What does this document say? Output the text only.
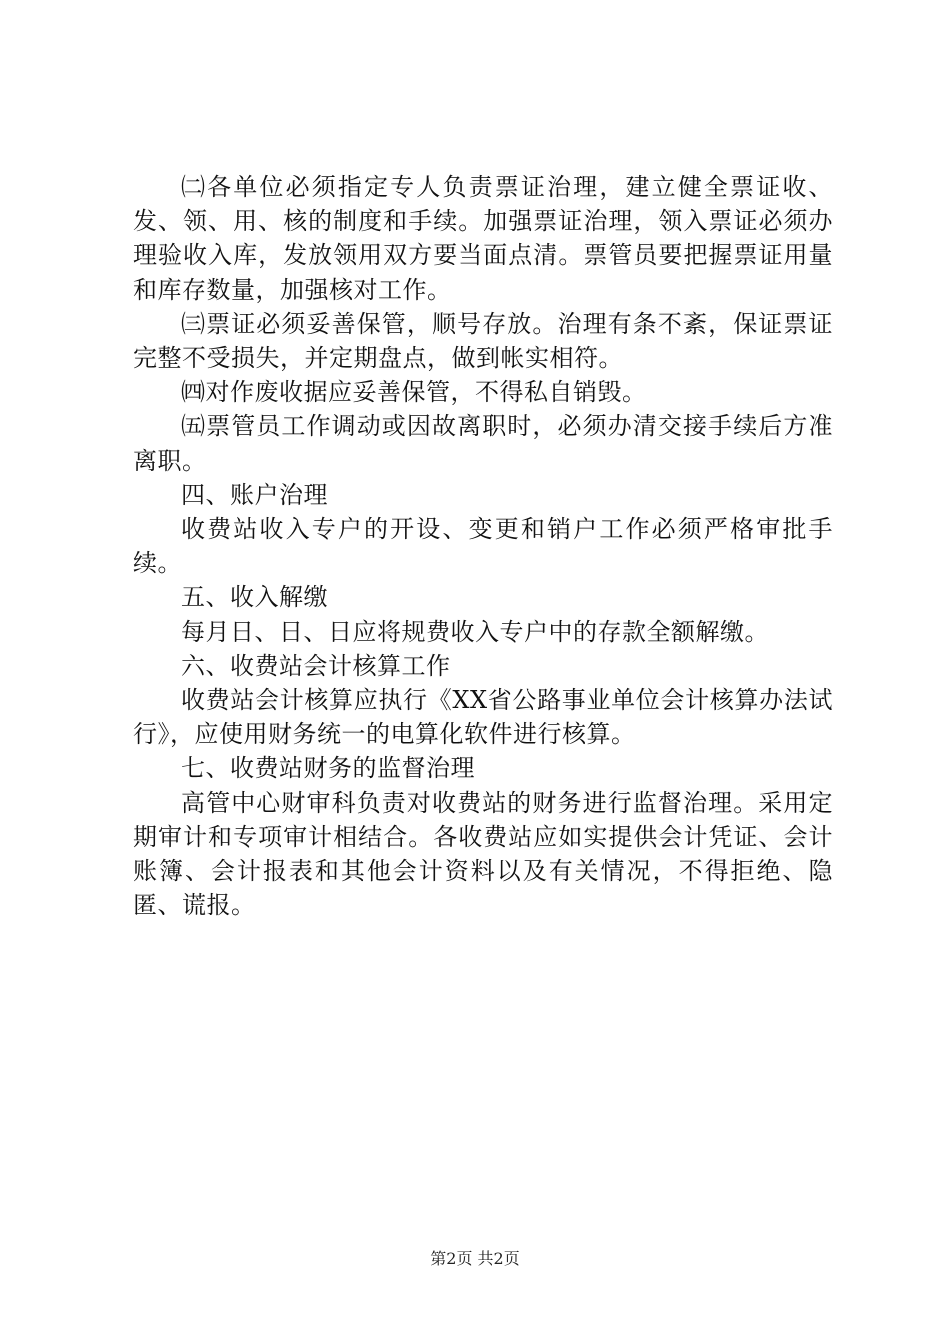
㈡各单位必须指定专人负责票证治理，建立健全票证收、发、领、用、核的制度和手续。加强票证治理，领入票证必须办理验收入库，发放领用双方要当面点清。票管员要把握票证用量和库存数量，加强核对工作。

㈢票证必须妥善保管，顺号存放。治理有条不紊，保证票证完整不受损失，并定期盘点，做到帐实相符。

㈣对作废收据应妥善保管，不得私自销毁。

㈤票管员工作调动或因故离职时，必须办清交接手续后方准离职。

四、账户治理

收费站收入专户的开设、变更和销户工作必须严格审批手续。

五、收入解缴

每月日、日、日应将规费收入专户中的存款全额解缴。

六、收费站会计核算工作

收费站会计核算应执行《XX省公路事业单位会计核算办法试行》，应使用财务统一的电算化软件进行核算。

七、收费站财务的监督治理

高管中心财审科负责对收费站的财务进行监督治理。采用定期审计和专项审计相结合。各收费站应如实提供会计凭证、会计账簿、会计报表和其他会计资料以及有关情况，不得拒绝、隐匿、谎报。

第2页 共2页
